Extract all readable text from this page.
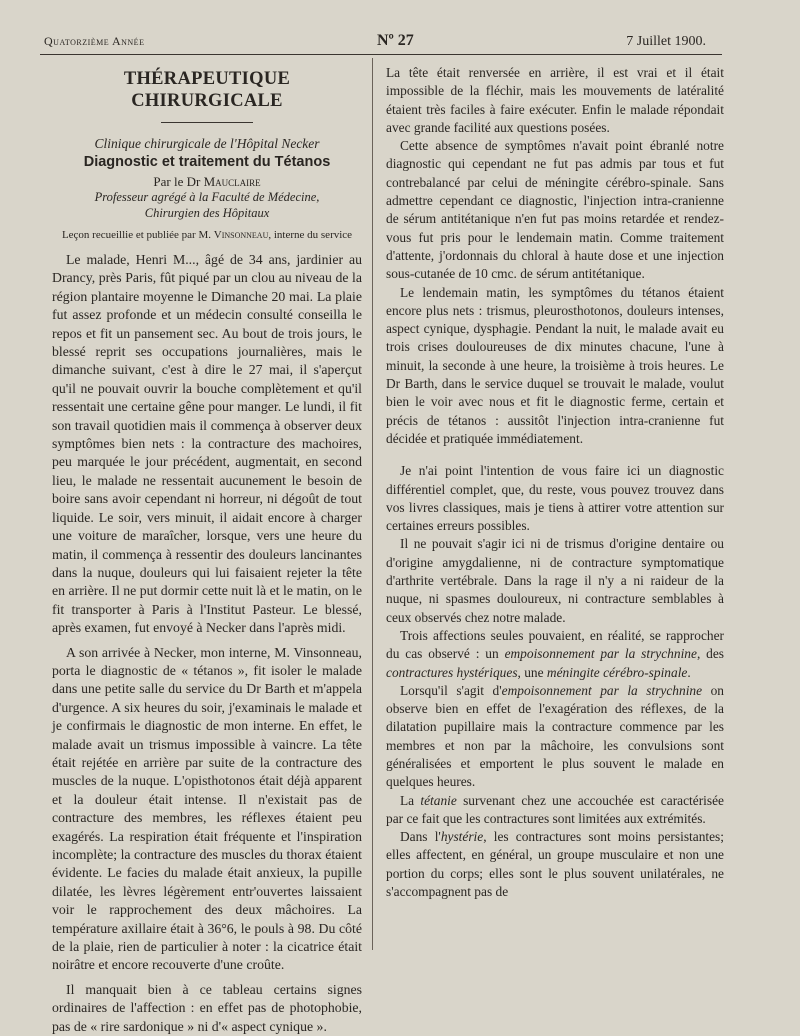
Quatorzième Année	Nº 27	7 Juillet 1900.
THÉRAPEUTIQUE CHIRURGICALE
Clinique chirurgicale de l'Hôpital Necker
Diagnostic et traitement du Tétanos
Par le Dr Mauclaire
Professeur agrégé à la Faculté de Médecine,
Chirurgien des Hôpitaux
Leçon recueillie et publiée par M. Vinsonneau, interne du service

Le malade, Henri M..., âgé de 34 ans, jardinier au Drancy, près Paris, fût piqué par un clou au niveau de la région plantaire moyenne le Dimanche 20 mai. La plaie fut assez profonde et un médecin consulté conseilla le repos et fit un pansement sec. Au bout de trois jours, le blessé reprit ses occupations journalières, mais le dimanche suivant, c'est à dire le 27 mai, il s'aperçut qu'il ne pouvait ouvrir la bouche complètement et qu'il ressentait une certaine gêne pour manger. Le lundi, il fit son travail quotidien mais il commença à observer deux symptômes bien nets : la contracture des machoires, peu marquée le jour précédent, augmentait, en second lieu, le malade ne ressentait aucunement le besoin de boire sans avoir cependant ni horreur, ni dégoût de tout liquide. Le soir, vers minuit, il aidait encore à charger une voiture de maraîcher, lorsque, vers une heure du matin, il commença à ressentir des douleurs lancinantes dans la nuque, douleurs qui lui faisaient rejeter la tête en arrière. Il ne put dormir cette nuit là et le matin, on le fit transporter à Paris à l'Institut Pasteur. Le blessé, après examen, fut envoyé à Necker dans l'après midi.

A son arrivée à Necker, mon interne, M. Vinsonneau, porta le diagnostic de « tétanos », fit isoler le malade dans une petite salle du service du Dr Barth et m'appela d'urgence. A six heures du soir, j'examinais le malade et je confirmais le diagnostic de mon interne. En effet, le malade avait un trismus impossible à vaincre. La tête était rejétée en arrière par suite de la contracture des muscles de la nuque. L'opisthotonos était déjà apparent et la douleur était intense. Il n'existait pas de contracture des membres, les réflexes étaient peu exagérés. La respiration était fréquente et l'inspiration incomplète; la contracture des muscles du thorax étaient évidente. Le facies du malade était anxieux, la pupille dilatée, les lèvres légèrement entr'ouvertes laissaient voir le rapprochement des deux mâchoires. La température axillaire était à 36°6, le pouls à 98. Du côté de la plaie, rien de particulier à noter : la cicatrice était noirâtre et encore recouverte d'une croûte.

Il manquait bien à ce tableau certains signes ordinaires de l'affection : en effet pas de photophobie, pas de « rire sardonique » ni d'« aspect cynique ».

La tête était renversée en arrière, il est vrai et il était impossible de la fléchir, mais les mouvements de latéralité étaient très faciles à faire exécuter. Enfin le malade répondait avec grande facilité aux questions posées.

Cette absence de symptômes n'avait point ébranlé notre diagnostic qui cependant ne fut pas admis par tous et fut contrebalancé par celui de méningite cérébro-spinale. Sans admettre cependant ce diagnostic, l'injection intra-cranienne de sérum antitétanique n'en fut pas moins retardée et rendez-vous fut pris pour le lendemain matin. Comme traitement d'attente, j'ordonnais du chloral à haute dose et une injection sous-cutanée de 10 cmc. de sérum antitétanique.

Le lendemain matin, les symptômes du tétanos étaient encore plus nets : trismus, pleurosthotonos, douleurs intenses, aspect cynique, dysphagie. Pendant la nuit, le malade avait eu trois crises douloureuses de dix minutes chacune, l'une à minuit, la seconde à une heure, la troisième à trois heures. Le Dr Barth, dans le service duquel se trouvait le malade, voulut bien le voir avec nous et fit le diagnostic ferme, certain et précis de tétanos : aussitôt l'injection intra-cranienne fut décidée et pratiquée immédiatement.

Je n'ai point l'intention de vous faire ici un diagnostic différentiel complet, que, du reste, vous pouvez trouvez dans vos livres classiques, mais je tiens à attirer votre attention sur certaines erreurs possibles.

Il ne pouvait s'agir ici ni de trismus d'origine dentaire ou d'origine amygdalienne, ni de contracture symptomatique d'arthrite vertébrale. Dans la rage il n'y a ni raideur de la nuque, ni spasmes douloureux, ni contracture semblables à ceux observés chez notre malade.

Trois affections seules pouvaient, en réalité, se rapprocher du cas observé : un empoisonnement par la strychnine, des contractures hystériques, une méningite cérébro-spinale.

Lorsqu'il s'agit d'empoisonnement par la strychnine on observe bien en effet de l'exagération des réflexes, de la dilatation pupillaire mais la contracture commence par les membres et non par la mâchoire, les convulsions sont généralisées et emportent le plus souvent le malade en quelques heures.

La tétanie survenant chez une accouchée est caractérisée par ce fait que les contractures sont limitées aux extrémités.

Dans l'hystérie, les contractures sont moins persistantes; elles affectent, en général, un groupe musculaire et non une portion du corps; elles sont le plus souvent unilatérales, ne s'accompagnent pas de
